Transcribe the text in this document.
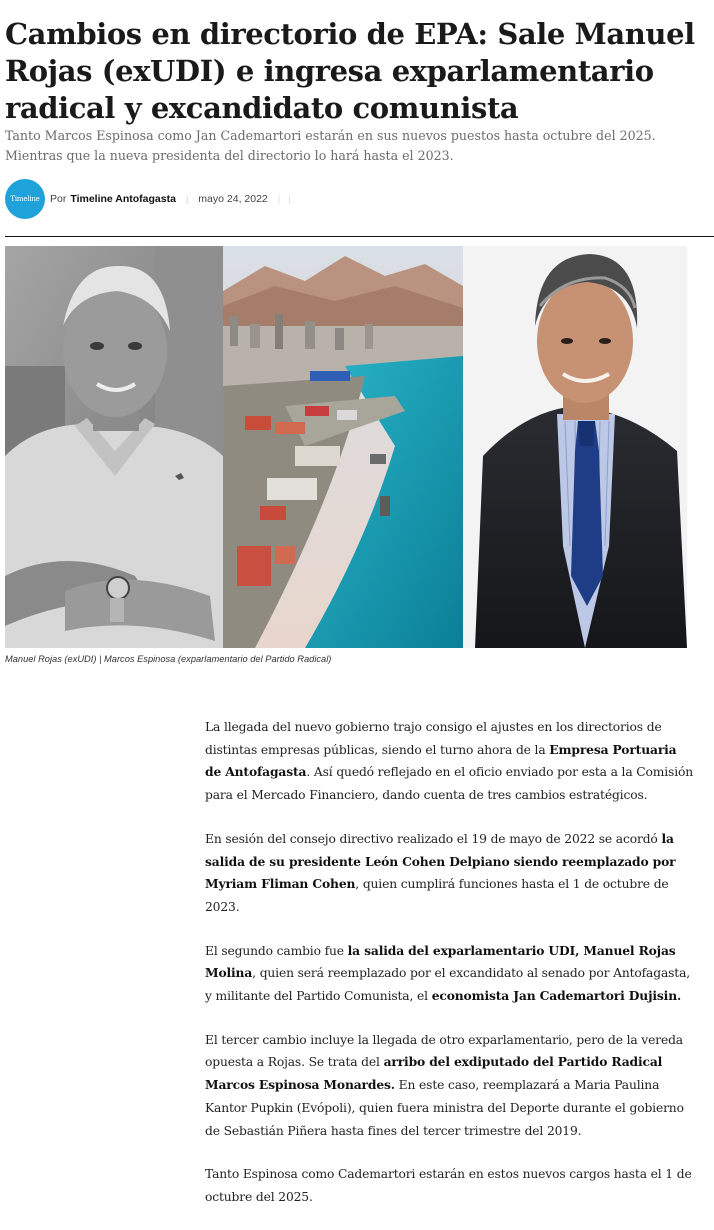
Cambios en directorio de EPA: Sale Manuel Rojas (exUDI) e ingresa exparlamentario radical y excandidato comunista

Tanto Marcos Espinosa como Jan Cademartori estarán en sus nuevos puestos hasta octubre del 2025. Mientras que la nueva presidenta del directorio lo hará hasta el 2023.

Timeline Por Timeline Antofagasta | mayo 24, 2022 | |
Manuel Rojas (exUDI) | Marcos Espinosa (exparlamentario del Partido Radical)

La llegada del nuevo gobierno trajo consigo el ajustes en los directorios de distintas empresas públicas, siendo el turno ahora de la Empresa Portuaria de Antofagasta. Así quedó reflejado en el oficio enviado por esta a la Comisión para el Mercado Financiero, dando cuenta de tres cambios estratégicos.

En sesión del consejo directivo realizado el 19 de mayo de 2022 se acordó la salida de su presidente León Cohen Delpiano siendo reemplazado por Myriam Fliman Cohen, quien cumplirá funciones hasta el 1 de octubre de 2023.

El segundo cambio fue la salida del exparlamentario UDI, Manuel Rojas Molina, quien será reemplazado por el excandidato al senado por Antofagasta, y militante del Partido Comunista, el economista Jan Cademartori Dujisin.

El tercer cambio incluye la llegada de otro exparlamentario, pero de la vereda opuesta a Rojas. Se trata del arribo del exdiputado del Partido Radical Marcos Espinosa Monardes. En este caso, reemplazará a Maria Paulina Kantor Pupkin (Evópoli), quien fuera ministra del Deporte durante el gobierno de Sebastián Piñera hasta fines del tercer trimestre del 2019.

Tanto Espinosa como Cademartori estarán en estos nuevos cargos hasta el 1 de octubre del 2025.
